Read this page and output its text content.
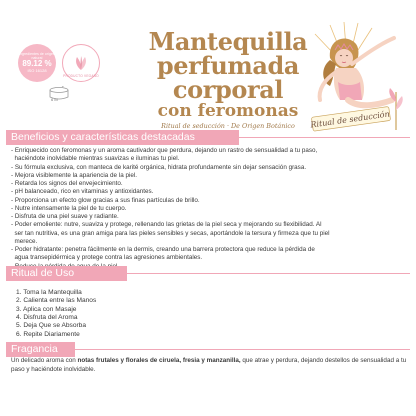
Ingredientes de origen natural
89.12 %
ISO 16128
PRODUCTO VEGANO
6 M
Mantequilla
perfumada
corporal
con feromonas
Ritual de seducción · De Origen Botánico	Ritual de seducción
Beneficios y características destacadas
- Enriquecido con feromonas y un aroma cautivador que perdura, dejando un rastro de sensualidad a tu paso,
haciéndote inolvidable mientras suavizas e iluminas tu piel.
- Su fórmula exclusiva, con manteca de karité orgánica, hidrata profundamente sin dejar sensación grasa.
- Mejora visiblemente la apariencia de la piel.
- Retarda los signos del envejecimiento.
- pH balanceado, rico en vitaminas y antioxidantes.
- Proporciona un efecto glow gracias a sus finas partículas de brillo.
- Nutre intensamente la piel de tu cuerpo.
- Disfruta de una piel suave y radiante.
- Poder emoliente: nutre, suaviza y protege, rellenando las grietas de la piel seca y mejorando su flexibilidad. Al
ser tan nutritiva, es una gran amiga para las pieles sensibles y secas, aportándole la tersura y firmeza que tu piel
merece.
- Poder hidratante: penetra fácilmente en la dermis, creando una barrera protectora que reduce la pérdida de
agua transepidérmica y protege contra las agresiones ambientales.
Ritual de Uso
1. Toma la Mantequilla
2. Calienta entre las Manos
3. Aplica con Masaje
4. Disfruta del Aroma
5. Deja Que se Absorba
6. Repite Diariamente
Fragancia

Un delicado aroma con notas frutales y florales de ciruela, fresia y manzanilla, que atrae y perdura, dejando destellos de sensualidad a tu paso y haciéndote inolvidable.
